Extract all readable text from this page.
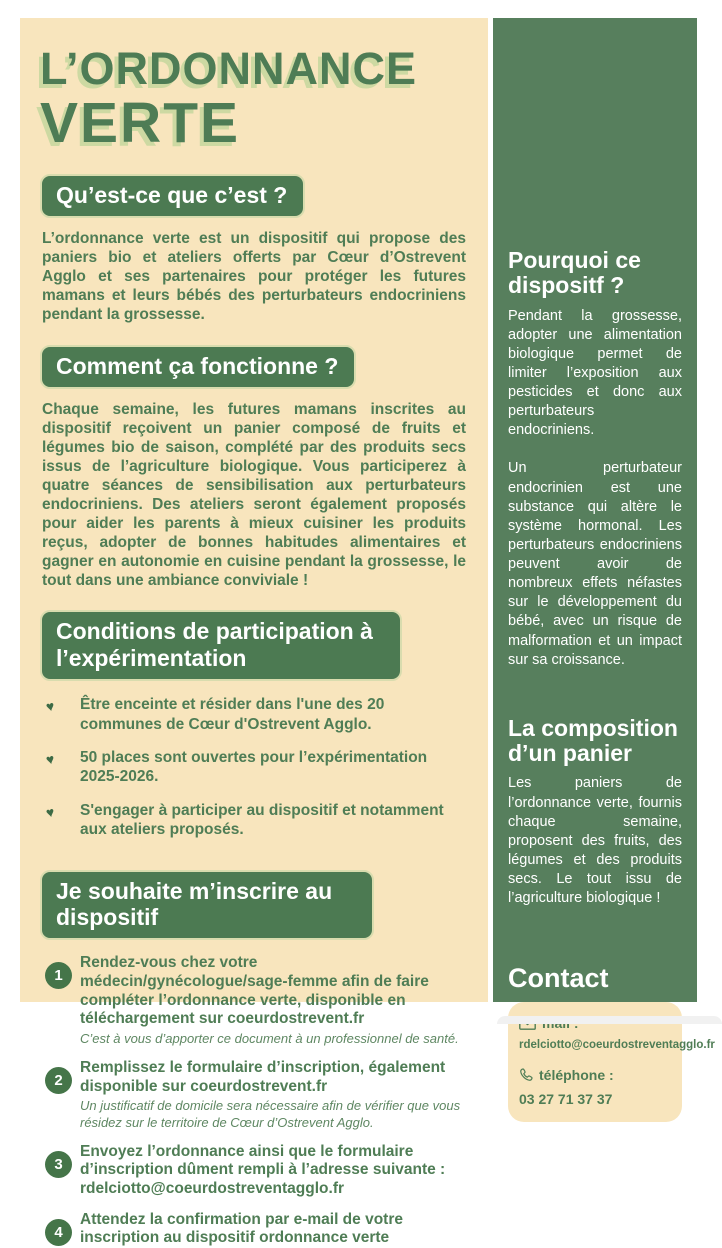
L’ORDONNANCE
VERTE
Qu’est-ce que c’est ?

L’ordonnance verte est un dispositif qui propose des paniers bio et ateliers offerts par Cœur d’Ostrevent Agglo et ses partenaires pour protéger les futures mamans et leurs bébés des perturbateurs endocriniens pendant la grossesse.

Comment ça fonctionne ?

Chaque semaine, les futures mamans inscrites au dispositif reçoivent un panier composé de fruits et légumes bio de saison, complété par des produits secs issus de l’agriculture biologique. Vous participerez à quatre séances de sensibilisation aux perturbateurs endocriniens. Des ateliers seront également proposés pour aider les parents à mieux cuisiner les produits reçus, adopter de bonnes habitudes alimentaires et gagner en autonomie en cuisine pendant la grossesse, le tout dans une ambiance conviviale !

Conditions de participation à l’expérimentation
♥	Être enceinte et résider dans l'une des 20 communes de Cœur d'Ostrevent Agglo.
♥	50 places sont ouvertes pour l’expérimentation 2025-2026.
♥	S'engager à participer au dispositif et notamment aux ateliers proposés.
Je souhaite m’inscrire au dispositif
1

Rendez-vous chez votre médecin/gynécologue/sage-femme afin de faire compléter l’ordonnance verte, disponible en téléchargement sur coeurdostrevent.fr

C’est à vous d’apporter ce document à un professionnel de santé.

2

Remplissez le formulaire d’inscription, également disponible sur coeurdostrevent.fr

Un justificatif de domicile sera nécessaire afin de vérifier que vous résidez sur le territoire de Cœur d’Ostrevent Agglo.

3

Envoyez l’ordonnance ainsi que le formulaire d’inscription dûment rempli à l’adresse suivante : rdelciotto@coeurdostreventagglo.fr

4

Attendez la confirmation par e-mail de votre inscription au dispositif ordonnance verte

Pourquoi ce dispositf ?

Pendant la grossesse, adopter une alimentation biologique permet de limiter l’exposition aux pesticides et donc aux perturbateurs endocriniens.

Un perturbateur endocrinien est une substance qui altère le système hormonal. Les perturbateurs endocriniens peuvent avoir de nombreux effets néfastes sur le développement du bébé, avec un risque de malformation et un impact sur sa croissance.

La composition d’un panier

Les paniers de l’ordonnance verte, fournis chaque semaine, proposent des fruits, des légumes et des produits secs. Le tout issu de l’agriculture biologique !

Contact
rdelciotto@coeurdostreventagglo.fr
téléphone :
03 27 71 37 37
